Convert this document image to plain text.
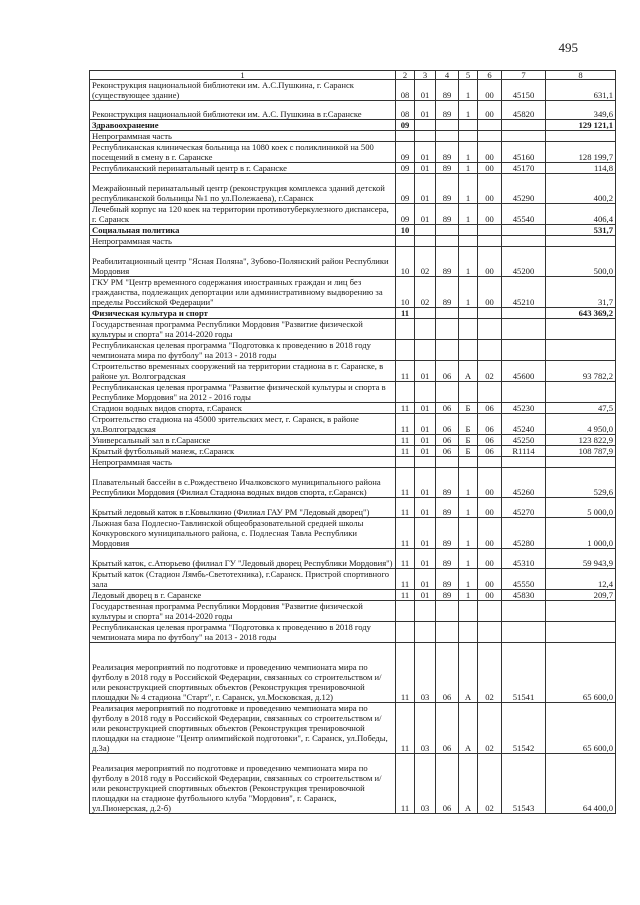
495
1	2	3	4	5	6	7	8
Реконструкция национальной библиотеки им. А.С.Пушкина, г. Саранск (существующее здание)	08	01	89	1	00	45150	631,1
Реконструкция национальной библиотеки им. А.С. Пушкина в г.Саранске	08	01	89	1	00	45820	349,6
Здравоохранение	09						129 121,1
Непрограммная часть							
Республиканская клиническая больница на 1080 коек с поликлиникой на 500 посещений в смену в г. Саранске	09	01	89	1	00	45160	128 199,7
Республиканский перинатальный центр в г. Саранске	09	01	89	1	00	45170	114,8
Межрайонный перинатальный центр (реконструкция комплекса зданий детской республиканской больницы №1 по ул.Полежаева), г.Саранск	09	01	89	1	00	45290	400,2
Лечебный корпус на 120 коек на территории противотуберкулезного диспансера, г. Саранск	09	01	89	1	00	45540	406,4
Социальная политика	10						531,7
Непрограммная часть							
Реабилитационный центр "Ясная Поляна", Зубово-Полянский район Республики Мордовия	10	02	89	1	00	45200	500,0
ГКУ РМ "Центр временного содержания иностранных граждан и лиц без гражданства, подлежащих депортации или административному выдворению за пределы Российской Федерации"	10	02	89	1	00	45210	31,7
Физическая культура и спорт	11						643 369,2
Государственная программа Республики Мордовия "Развитие физической культуры и спорта" на 2014-2020 годы							
Республиканская целевая программа "Подготовка к проведению в 2018 году чемпионата мира по футболу" на 2013 - 2018 годы							
Строительство временных сооружений на территории стадиона в г. Саранске, в районе ул. Волгоградская	11	01	06	А	02	45600	93 782,2
Республиканская целевая программа "Развитие физической культуры и спорта в Республике Мордовия" на 2012 - 2016 годы							
Стадион водных видов спорта, г.Саранск	11	01	06	Б	06	45230	47,5
Строительство стадиона на 45000 зрительских мест, г. Саранск, в районе ул.Волгоградская	11	01	06	Б	06	45240	4 950,0
Универсальный зал в г.Саранске	11	01	06	Б	06	45250	123 822,9
Крытый футбольный манеж, г.Саранск	11	01	06	Б	06	R1114	108 787,9
Непрограммная часть							
Плавательный бассейн в с.Рождествено Ичалковского муниципального района Республики Мордовия (Филиал Стадиона водных видов спорта, г.Саранск)	11	01	89	1	00	45260	529,6
Крытый ледовый каток в г.Ковылкино (Филиал ГАУ РМ "Ледовый дворец")	11	01	89	1	00	45270	5 000,0
Лыжная база Подлесно-Тавлинской общеобразовательной средней школы Кочкуровского муниципального района, с. Подлесная Тавла Республики Мордовия	11	01	89	1	00	45280	1 000,0
Крытый каток, с.Атюрьево (филиал ГУ "Ледовый дворец Республики Мордовия")	11	01	89	1	00	45310	59 943,9
Крытый каток (Стадион Лямбь-Светотехника), г.Саранск. Пристрой спортивного зала	11	01	89	1	00	45550	12,4
Ледовый дворец в г. Саранске	11	01	89	1	00	45830	209,7
Государственная программа Республики Мордовия "Развитие физической культуры и спорта" на 2014-2020 годы							
Республиканская целевая программа "Подготовка к проведению в 2018 году чемпионата мира по футболу" на 2013 - 2018 годы							
Реализация мероприятий по подготовке и проведению чемпионата мира по футболу в 2018 году в Российской Федерации, связанных со строительством и/или реконструкцией спортивных объектов (Реконструкция тренировочной площадки № 4 стадиона "Старт", г. Саранск, ул.Московская, д.12)	11	03	06	А	02	51541	65 600,0
Реализация мероприятий по подготовке и проведению чемпионата мира по футболу в 2018 году в Российской Федерации, связанных со строительством и/или реконструкцией спортивных объектов (Реконструкция тренировочной площадки на стадионе "Центр олимпийской подготовки", г. Саранск, ул.Победы, д.3а)	11	03	06	А	02	51542	65 600,0
Реализация мероприятий по подготовке и проведению чемпионата мира по футболу в 2018 году в Российской Федерации, связанных со строительством и/или реконструкцией спортивных объектов (Реконструкция тренировочной площадки на стадионе футбольного клуба "Мордовия", г. Саранск, ул.Пионерская, д.2-б)	11	03	06	А	02	51543	64 400,0
